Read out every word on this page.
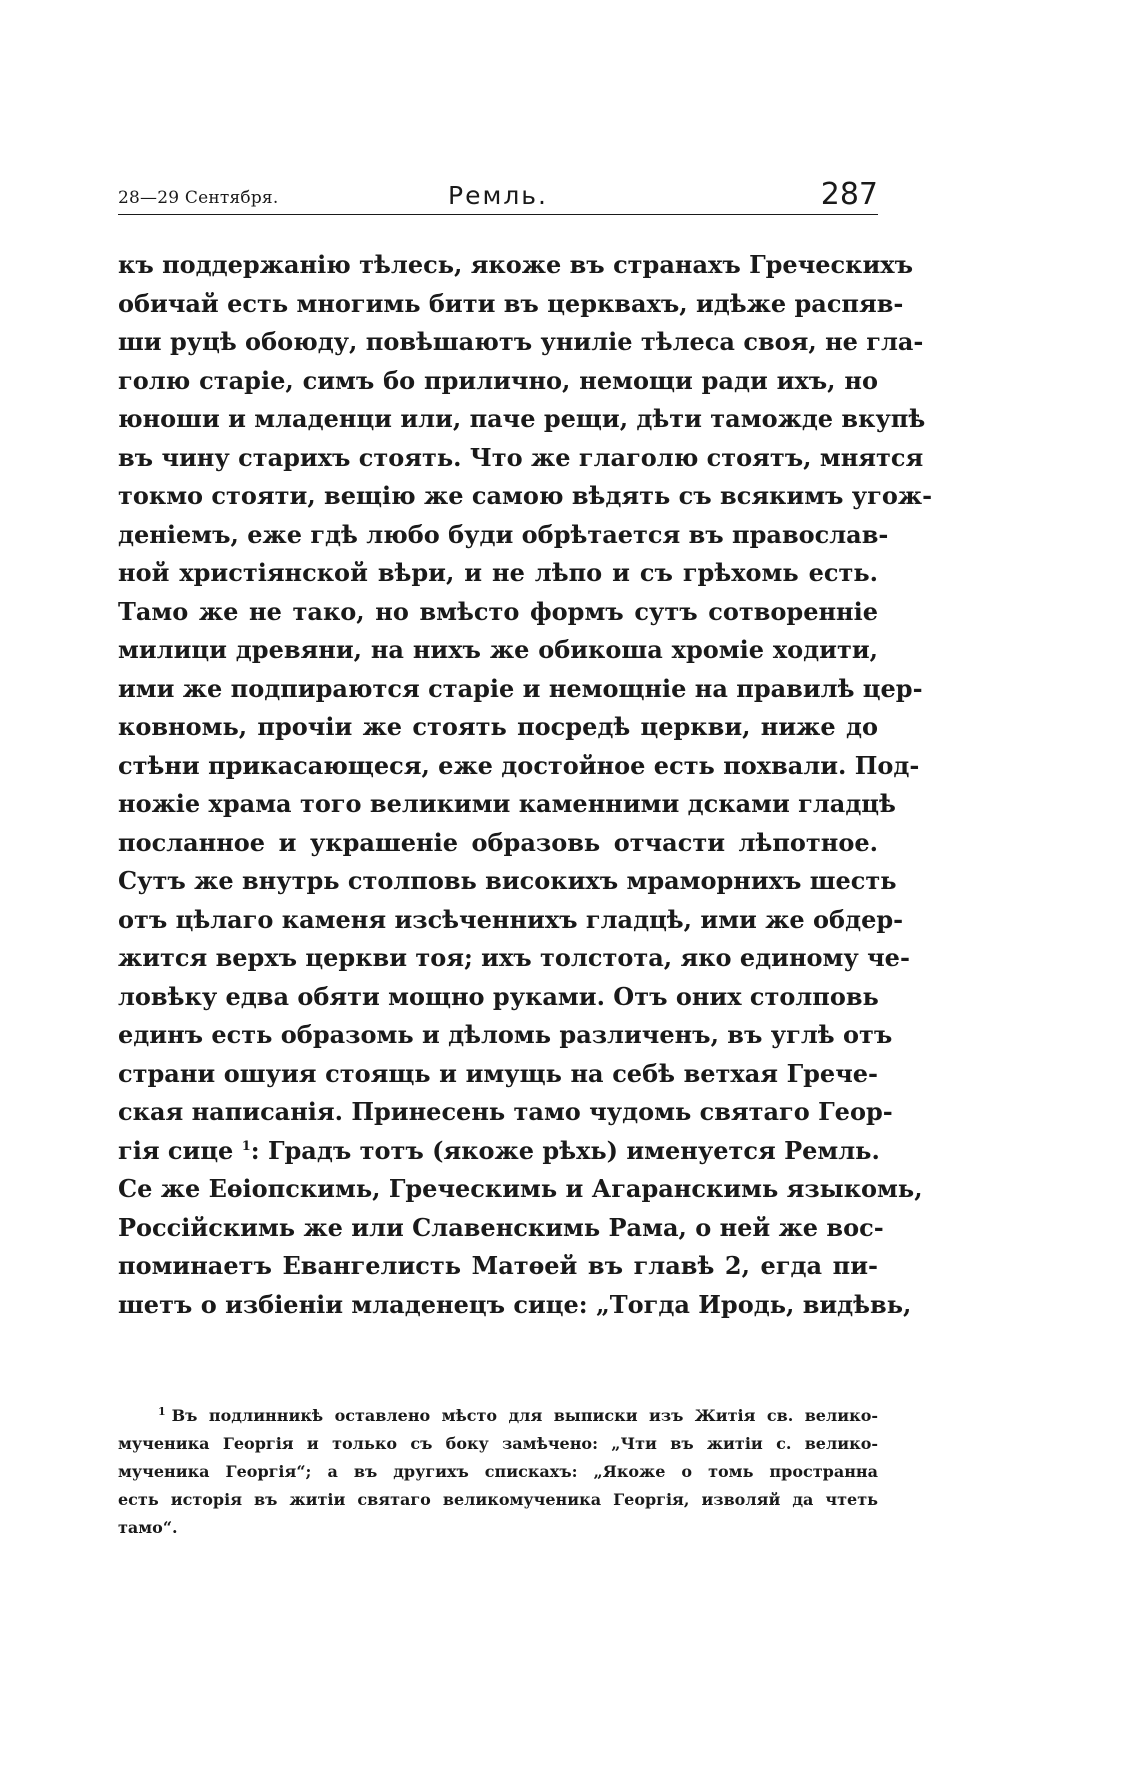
28—29 Сентября.	Ремль.	287
къ поддержанію тѣлесь, якоже въ странахъ Греческихъ
обичай есть многимь бити въ церквахъ, идѣже распяв-
ши руцѣ обоюду, повѣшаютъ униліе тѣлеса своя, не гла-
голю старіе, симъ бо прилично, немощи ради ихъ, но
юноши и младенци или, паче рещи, дѣти тамождe вкупѣ
въ чину старихъ стоять. Что же глаголю стоятъ, мнятся
токмо стояти, вещію же самою вѣдять съ всякимъ угож-
деніемъ, еже гдѣ любо буди обрѣтается въ православ-
ной христіянской вѣри, и не лѣпо и съ грѣхомь есть.
Тамо же не тако, но вмѣсто формъ сутъ сотворенніе
милици древяни, на нихъ же обикоша хромiе ходити,
ими же подпираются старіе и немощніе на правилѣ цер-
ковномь, прочіи же стоять посредѣ церкви, ниже до
стѣни прикасающеся, еже достойное есть похвали. Под-
ножіе храма того великими каменними дсками гладцѣ
посланное и украшеніе образовь отчасти лѣпотное.
Сутъ же внутрь столповь високихъ мраморнихъ шесть
отъ цѣлаго каменя изсѣченнихъ гладцѣ, ими же обдер-
жится верхъ церкви тоя; ихъ толстота, яко единому че-
ловѣку едва обяти мощно руками. Отъ оних столповь
единъ есть образомь и дѣломь различенъ, въ углѣ отъ
страни ошуия стоящь и имущь на себѣ ветхая Грече-
ская написанія. Принесень тамо чудомь святаго Геор-
гія сице $^1$: Градъ тотъ (якоже рѣхь) именуется Ремль.
Се же Еѳіопскимь, Греческимь и Агаранскимь языкомь,
Россійскимь же или Славенскимь Рама, о ней же вос-
поминаетъ Евангелисть Матѳей въ главѣ 2, егда пи-
шетъ о избіеніи младенецъ сице: „Тогда Иродь, видѣвь,
$^1$ Въ подлинникѣ оставлено мѣсто для выписки изъ Житія св. велико-
мученика Георгія и только съ боку замѣчено: „Чти въ житіи с. велико-
мученика Георгія“; а въ другихъ спискахъ: „Якоже о томь пространна
есть исторія въ житіи святаго великомученика Георгія, изволяй да чтеть
тамо“.
